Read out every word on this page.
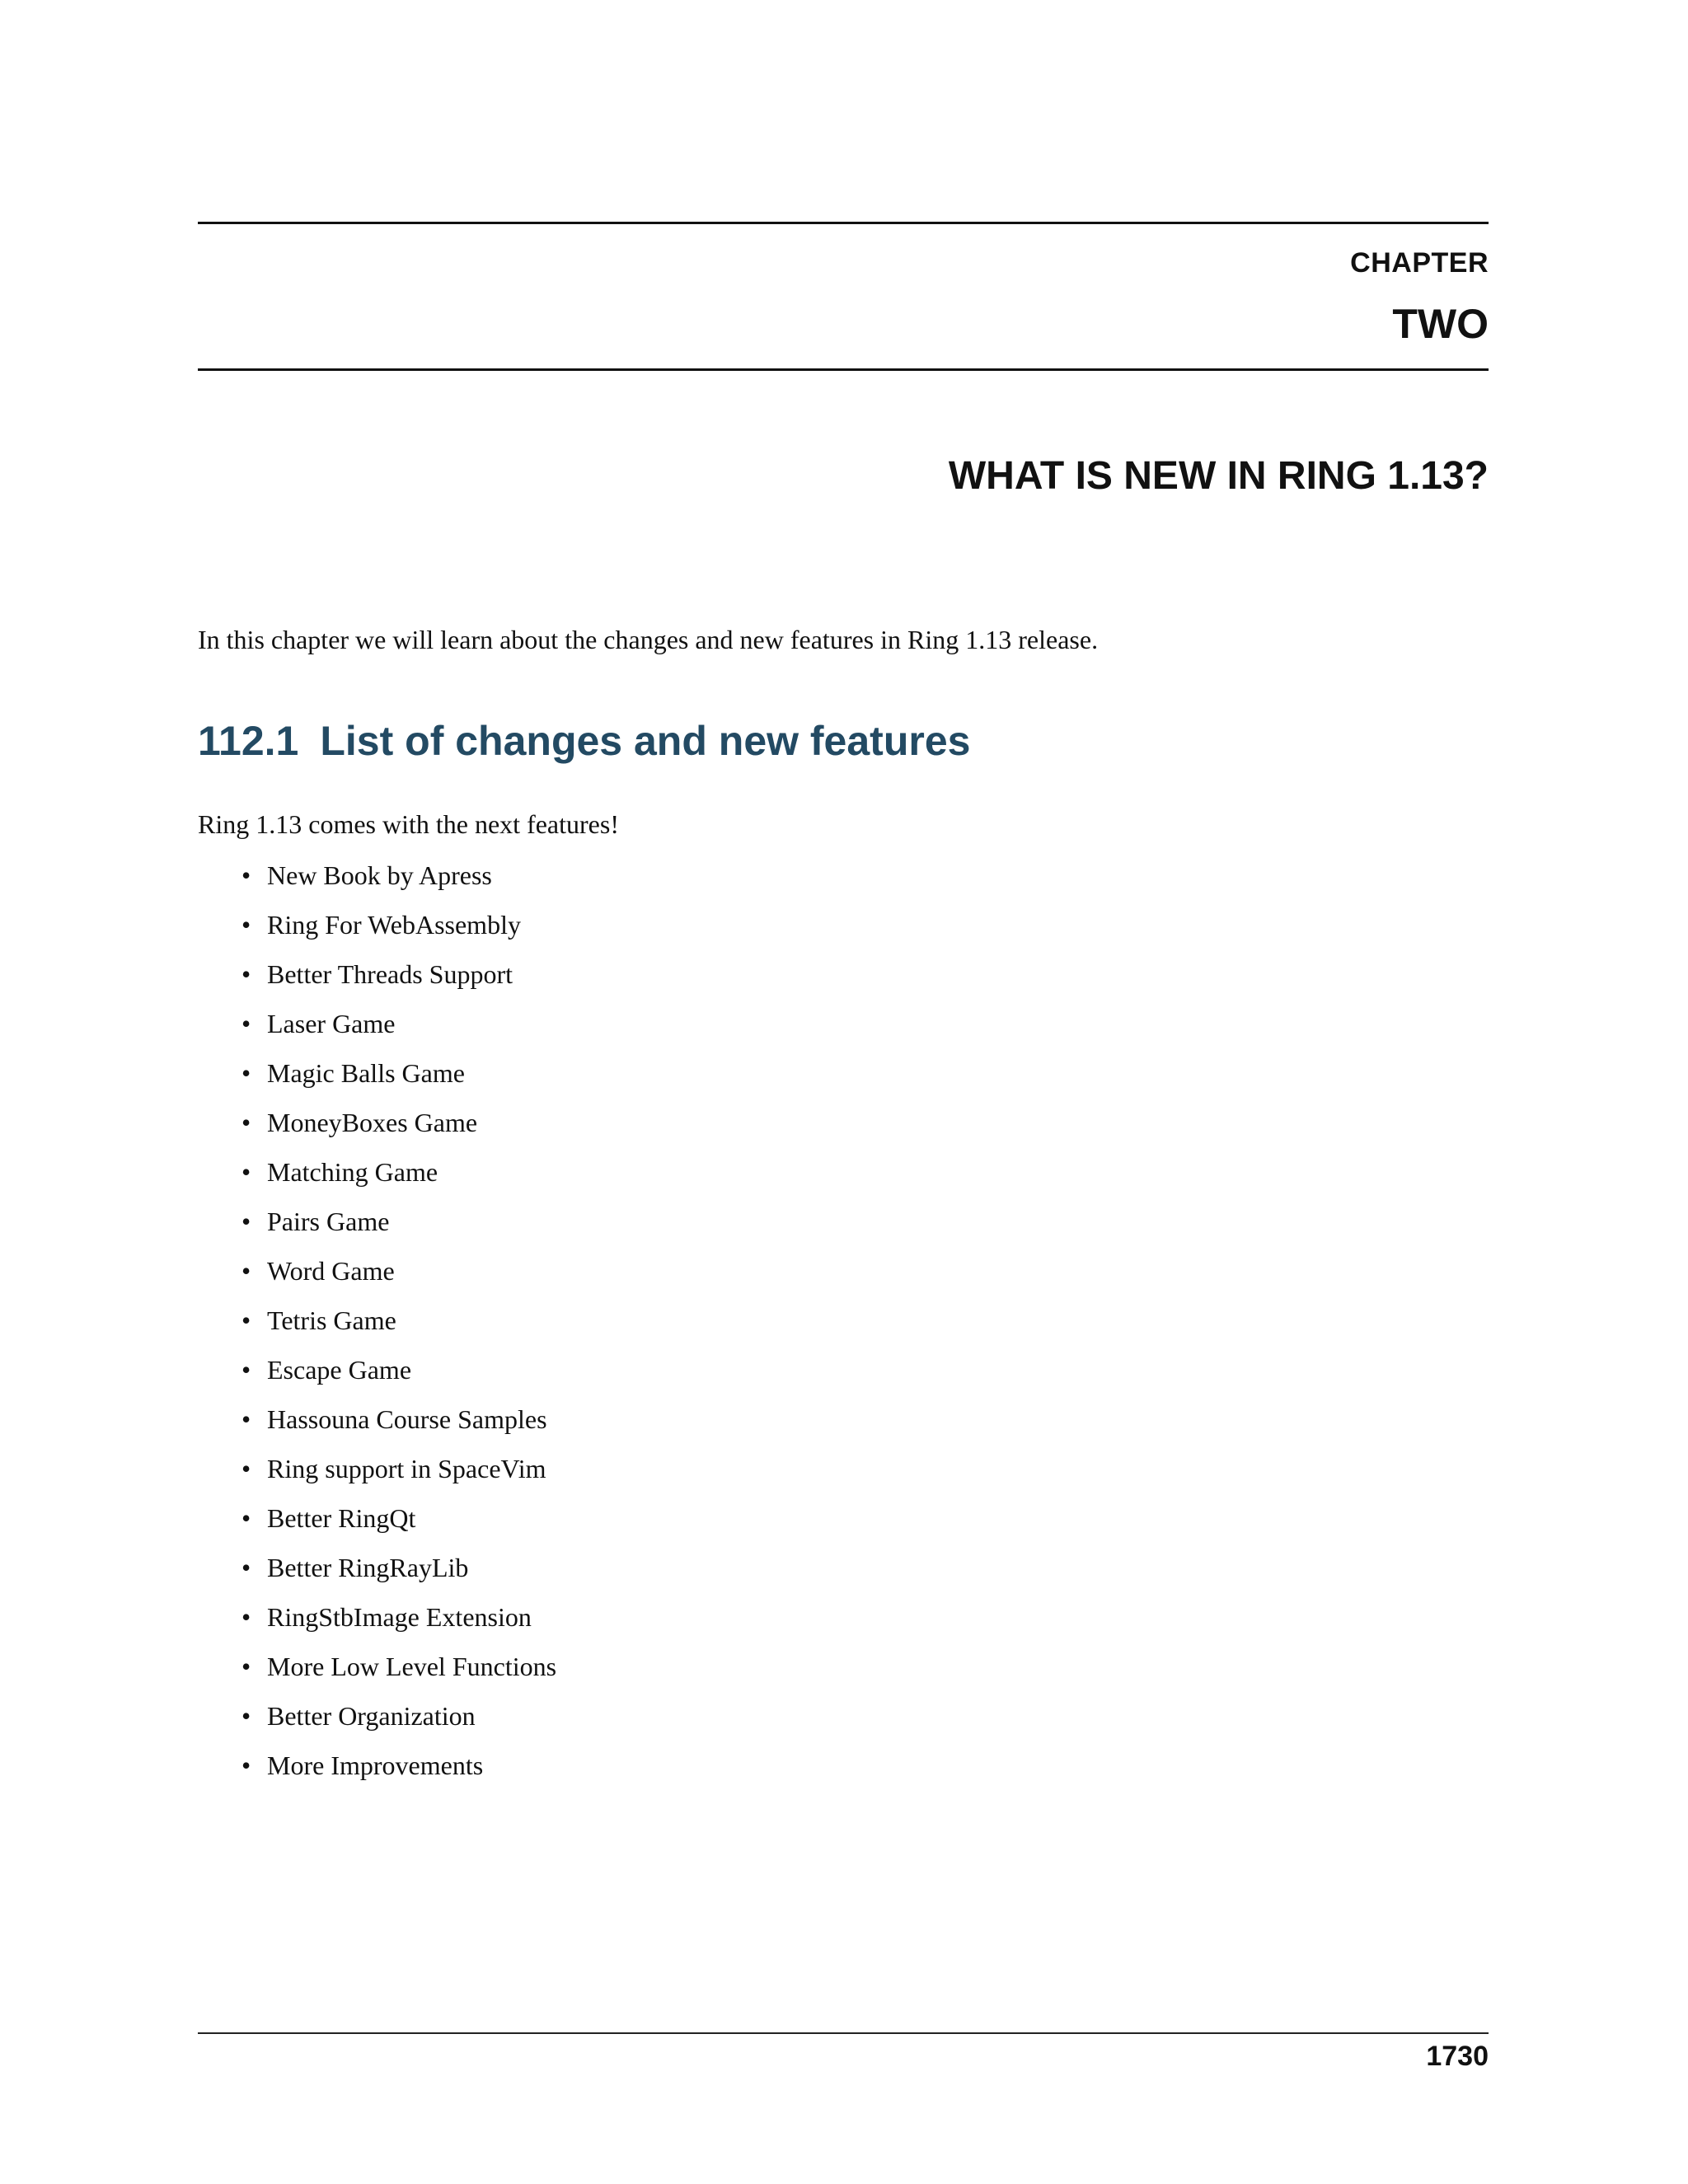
CHAPTER
TWO
WHAT IS NEW IN RING 1.13?

In this chapter we will learn about the changes and new features in Ring 1.13 release.

112.1 List of changes and new features

Ring 1.13 comes with the next features!

• New Book by Apress
• Ring For WebAssembly
• Better Threads Support
• Laser Game
• Magic Balls Game
• MoneyBoxes Game
• Matching Game
• Pairs Game
• Word Game
• Tetris Game
• Escape Game
• Hassouna Course Samples
• Ring support in SpaceVim
• Better RingQt
• Better RingRayLib
• RingStbImage Extension
• More Low Level Functions
• Better Organization
• More Improvements
1730
